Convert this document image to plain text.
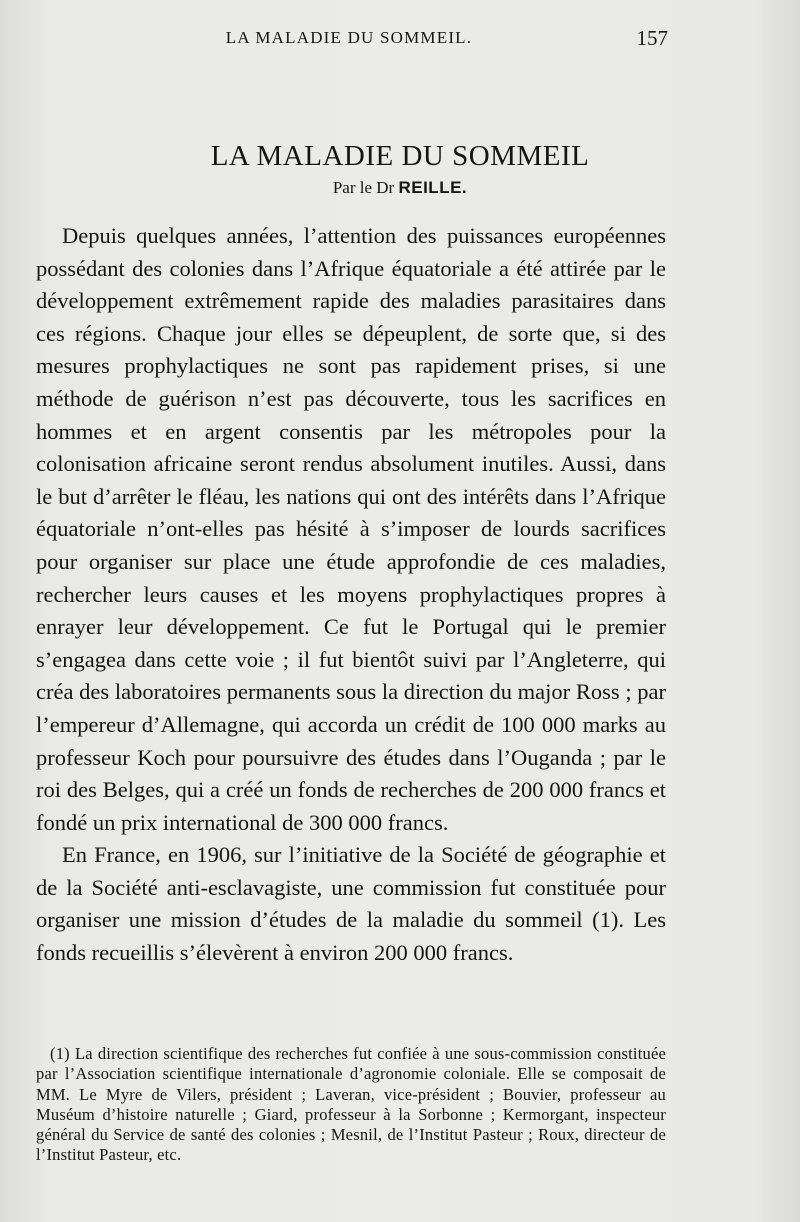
LA MALADIE DU SOMMEIL.	157
LA MALADIE DU SOMMEIL
Par le Dr REILLE.

Depuis quelques années, l’attention des puissances européennes possédant des colonies dans l’Afrique équatoriale a été attirée par le développement extrêmement rapide des maladies parasitaires dans ces régions. Chaque jour elles se dépeuplent, de sorte que, si des mesures prophylactiques ne sont pas rapidement prises, si une méthode de guérison n’est pas découverte, tous les sacrifices en hommes et en argent consentis par les métropoles pour la colonisation africaine seront rendus absolument inutiles. Aussi, dans le but d’arrêter le fléau, les nations qui ont des intérêts dans l’Afrique équatoriale n’ont-elles pas hésité à s’imposer de lourds sacrifices pour organiser sur place une étude approfondie de ces maladies, rechercher leurs causes et les moyens prophylactiques propres à enrayer leur développement. Ce fut le Portugal qui le premier s’engagea dans cette voie ; il fut bientôt suivi par l’Angleterre, qui créa des laboratoires permanents sous la direction du major Ross ; par l’empereur d’Allemagne, qui accorda un crédit de 100 000 marks au professeur Koch pour poursuivre des études dans l’Ouganda ; par le roi des Belges, qui a créé un fonds de recherches de 200 000 francs et fondé un prix international de 300 000 francs.

En France, en 1906, sur l’initiative de la Société de géographie et de la Société anti-esclavagiste, une commission fut constituée pour organiser une mission d’études de la maladie du sommeil (1). Les fonds recueillis s’élevèrent à environ 200 000 francs.

(1) La direction scientifique des recherches fut confiée à une sous-commission constituée par l’Association scientifique internationale d’agronomie coloniale. Elle se composait de MM. Le Myre de Vilers, président ; Laveran, vice-président ; Bouvier, professeur au Muséum d’histoire naturelle ; Giard, professeur à la Sorbonne ; Kermorgant, inspecteur général du Service de santé des colonies ; Mesnil, de l’Institut Pasteur ; Roux, directeur de l’Institut Pasteur, etc.
